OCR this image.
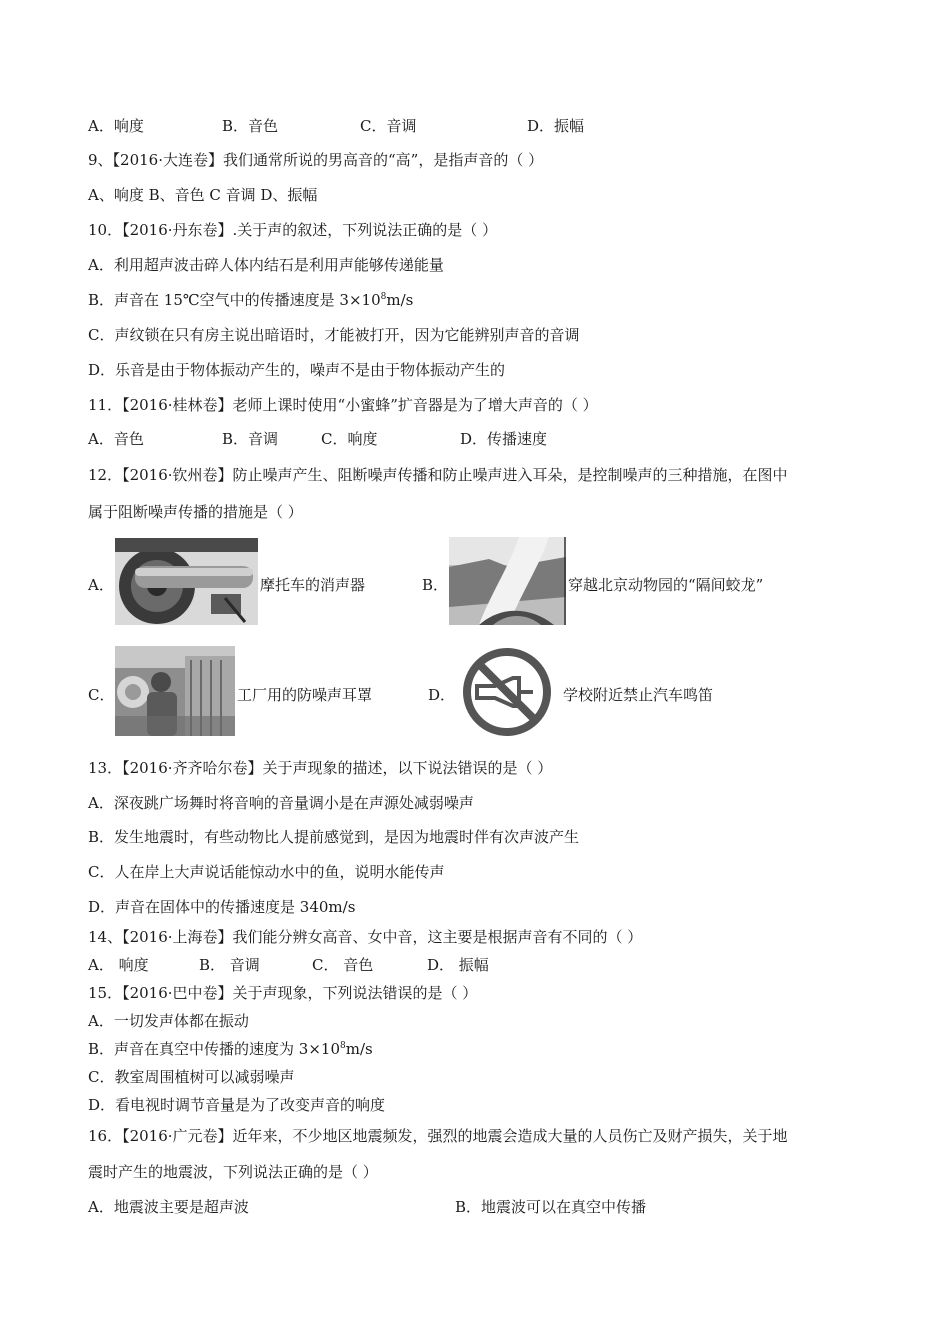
A．响度	B．音色	C．音调	D．振幅
9、【2016·大连卷】我们通常所说的男高音的“高”，是指声音的（ ）
A、响度 B、音色 C 音调 D、振幅
10．【2016·丹东卷】.关于声的叙述，下列说法正确的是（ ）
A．利用超声波击碎人体内结石是利用声能够传递能量
B．声音在 15℃空气中的传播速度是 $3\times 10^8m/s$
C．声纹锁在只有房主说出暗语时，才能被打开，因为它能辨别声音的音调
D．乐音是由于物体振动产生的，噪声不是由于物体振动产生的
11．【2016·桂林卷】老师上课时使用“小蜜蜂”扩音器是为了增大声音的（ ）
A．音色	B．音调	C．响度	D．传播速度
12．【2016·钦州卷】防止噪声产生、阻断噪声传播和防止噪声进入耳朵，是控制噪声的三种措施，在图中
属于阻断噪声传播的措施是（ ）
A．	摩托车的消声器	B．	穿越北京动物园的“隔间蛟龙”
C．	工厂用的防噪声耳罩	D．	学校附近禁止汽车鸣笛
13．【2016·齐齐哈尔卷】关于声现象的描述，以下说法错误的是（ ）
A．深夜跳广场舞时将音响的音量调小是在声源处减弱噪声
B．发生地震时，有些动物比人提前感觉到，是因为地震时伴有次声波产生
C．人在岸上大声说话能惊动水中的鱼，说明水能传声
D．声音在固体中的传播速度是 340m/s
14、【2016·上海卷】我们能分辨女高音、女中音，这主要是根据声音有不同的（ ）
A． 响度	B． 音调	C． 音色	D． 振幅
15．【2016·巴中卷】关于声现象，下列说法错误的是（ ）
A．一切发声体都在振动
B．声音在真空中传播的速度为 $3\times 10^8m/s$
C．教室周围植树可以减弱噪声
D．看电视时调节音量是为了改变声音的响度
16．【2016·广元卷】近年来，不少地区地震频发，强烈的地震会造成大量的人员伤亡及财产损失，关于地
震时产生的地震波，下列说法正确的是（ ）
A．地震波主要是超声波	B．地震波可以在真空中传播
